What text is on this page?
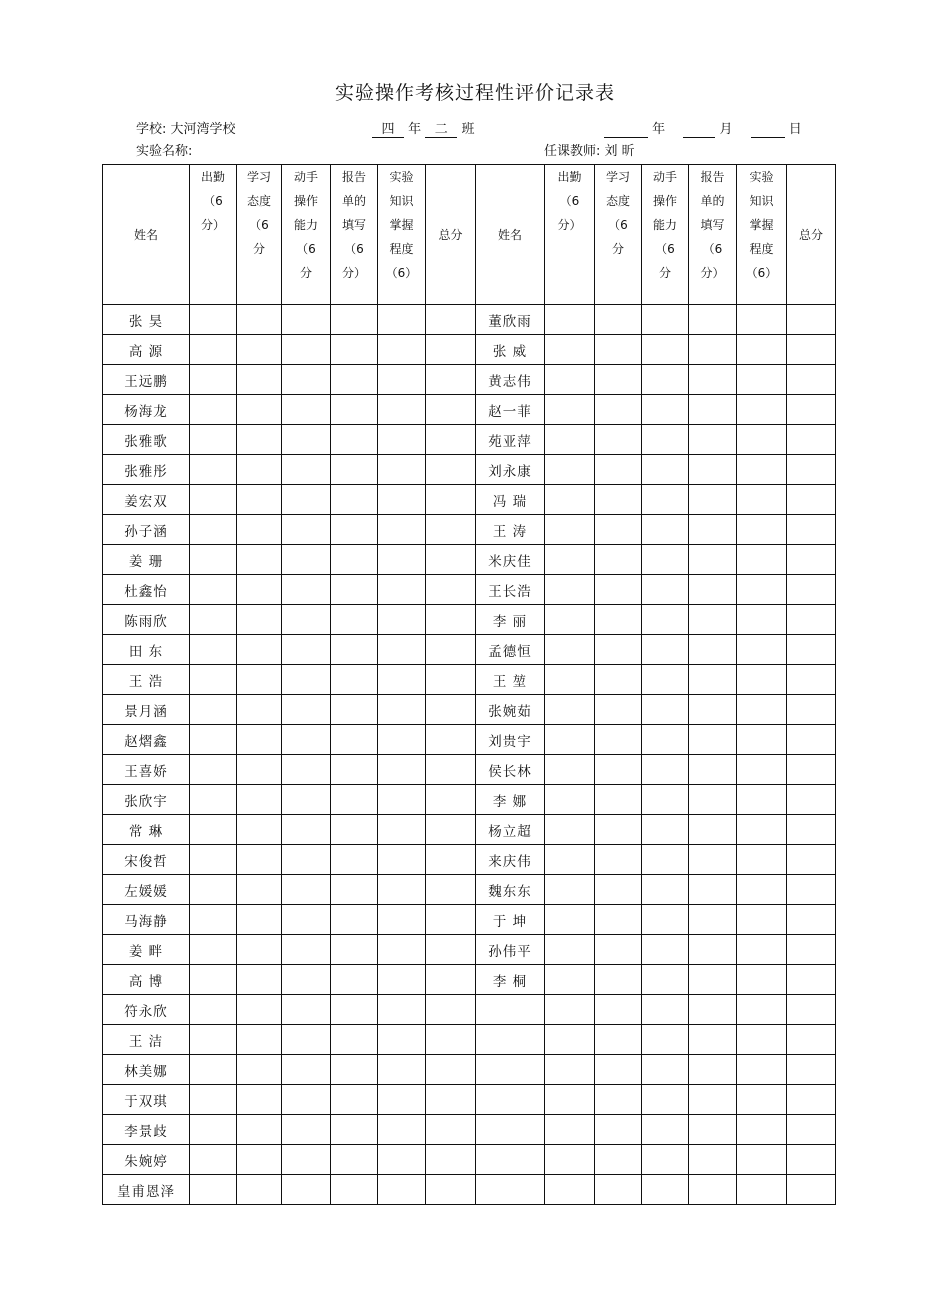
实验操作考核过程性评价记录表
学校: 大河湾学校	四 年 二 班	年	月	日
实验名称:	任课教师: 刘 昕
姓名	出勤
（6
分）	学习
态度
（6
分	动手
操作
能力
（6
分	报告
单的
填写
（6
分）	实验
知识
掌握
程度
（6）	总分	姓名	出勤
（6
分）	学习
态度
（6
分	动手
操作
能力
（6
分	报告
单的
填写
（6
分）	实验
知识
掌握
程度
（6）	总分
张 昊							董欣雨						
高 源							张 威						
王远鹏							黄志伟						
杨海龙							赵一菲						
张雅歌							苑亚萍						
张雅彤							刘永康						
姜宏双							冯 瑞						
孙子涵							王 涛						
姜 珊							米庆佳						
杜鑫怡							王长浩						
陈雨欣							李 丽						
田 东							孟德恒						
王 浩							王 堃						
景月涵							张婉茹						
赵熠鑫							刘贵宇						
王喜娇							侯长林						
张欣宇							李 娜						
常 琳							杨立超						
宋俊哲							来庆伟						
左媛媛							魏东东						
马海静							于 坤						
姜 畔							孙伟平						
高 博							李 桐						
符永欣													
王 洁													
林美娜													
于双琪													
李景歧													
朱婉婷													
皇甫恩泽													
